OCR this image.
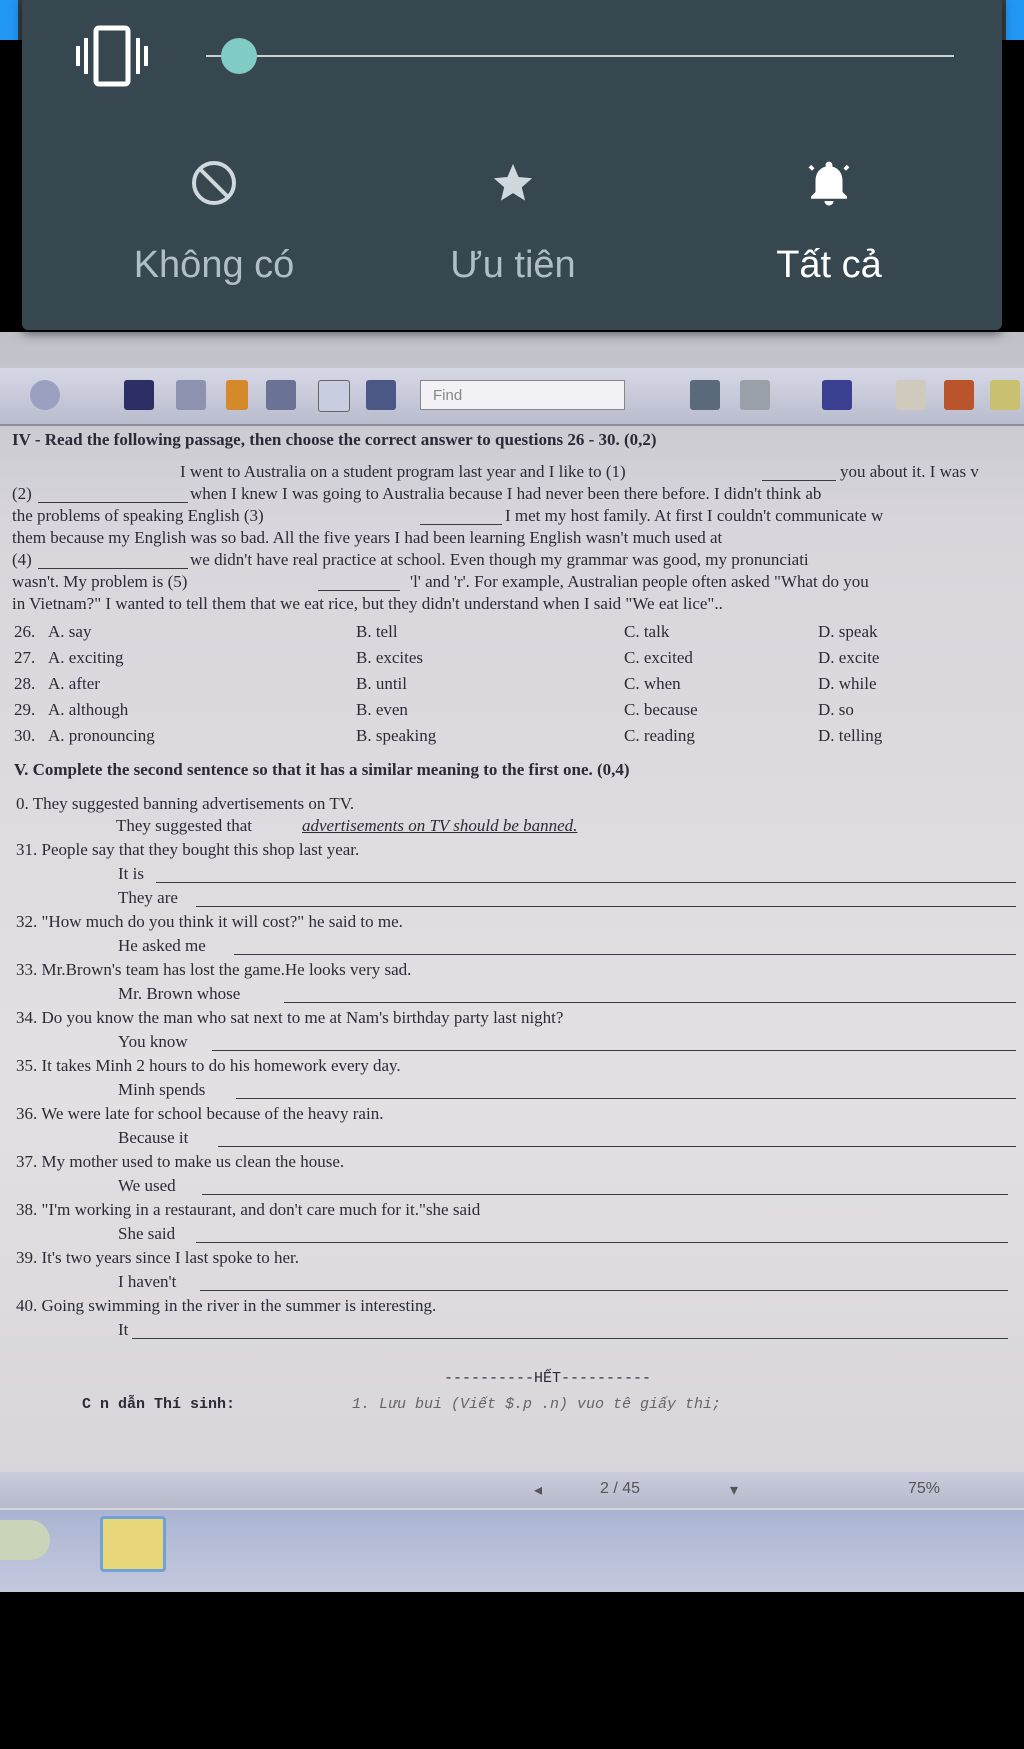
Không có	Ưu tiên	Tất cả
Find
IV - Read the following passage, then choose the correct answer to questions 26 - 30. (0,2)
I went to Australia on a student program last year and I like to (1)	you about it. I was v
(2)	when I knew I was going to Australia because I had never been there before. I didn't think ab
the problems of speaking English (3)	I met my host family. At first I couldn't communicate w
them because my English was so bad. All the five years I had been learning English wasn't much used at
(4)	we didn't have real practice at school. Even though my grammar was good, my pronunciati
wasn't. My problem is (5)	'l' and 'r'. For example, Australian people often asked "What do you
in Vietnam?" I wanted to tell them that we eat rice, but they didn't understand when I said "We eat lice"..
26. A. say	B. tell	C. talk	D. speak
27. A. exciting	B. excites	C. excited	D. excite
28. A. after	B. until	C. when	D. while
29. A. although	B. even	C. because	D. so
30. A. pronouncing	B. speaking	C. reading	D. telling
V. Complete the second sentence so that it has a similar meaning to the first one. (0,4)
0. They suggested banning advertisements on TV.
They suggested that	advertisements on TV should be banned.
31. People say that they bought this shop last year.
It is
They are
32. "How much do you think it will cost?" he said to me.
He asked me
33. Mr.Brown's team has lost the game.He looks very sad.
Mr. Brown whose
34. Do you know the man who sat next to me at Nam's birthday party last night?
You know
35. It takes Minh 2 hours to do his homework every day.
Minh spends
36. We were late for school because of the heavy rain.
Because it
37. My mother used to make us clean the house.
We used
38. "I'm working in a restaurant, and don't care much for it."she said
She said
39. It's two years since I last spoke to her.
I haven't
40. Going swimming in the river in the summer is interesting.
It
----------HẾT----------
C n dẫn Thí sinh:	1. Lưu bui (Viết $.p .n) vuo tê giấy thi;
◂	2 / 45	▾	75%
